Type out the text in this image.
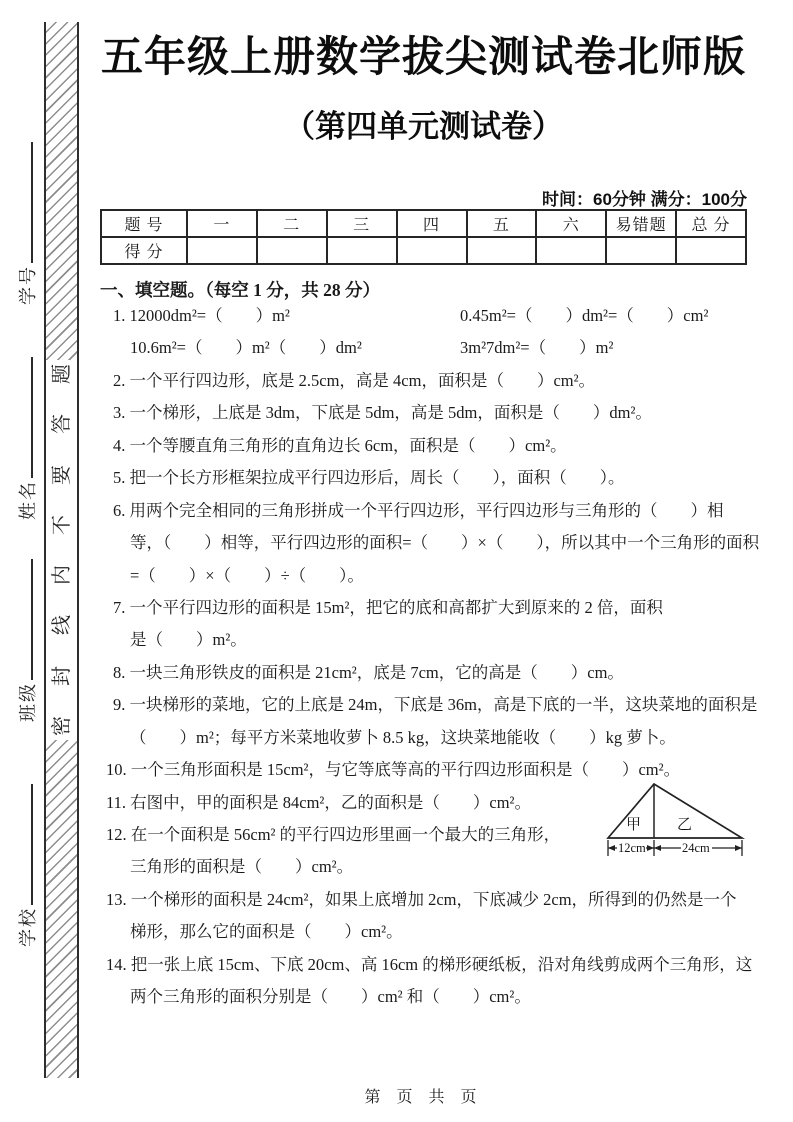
题
答
要
不
内
线
封
密
学号
姓名
班级
学校
五年级上册数学拔尖测试卷北师版
（第四单元测试卷）
时间：60分钟 满分：100分
题 号	一	二	三	四	五	六	易错题	总 分
得 分								
一、填空题。（每空 1 分，共 28 分）
1. 12000dm²=（　　）m²	0.45m²=（　　）dm²=（　　）cm²
10.6m²=（　　）m²（　　）dm²	3m²7dm²=（　　）m²
2. 一个平行四边形，底是 2.5cm，高是 4cm，面积是（　　）cm²。
3. 一个梯形，上底是 3dm，下底是 5dm，高是 5dm，面积是（　　）dm²。
4. 一个等腰直角三角形的直角边长 6cm，面积是（　　）cm²。
5. 把一个长方形框架拉成平行四边形后，周长（　　），面积（　　）。
6. 用两个完全相同的三角形拼成一个平行四边形，平行四边形与三角形的（　　）相
等，（　　）相等，平行四边形的面积=（　　）×（　　），所以其中一个三角形的面积
=（　　）×（　　）÷（　　）。
7. 一个平行四边形的面积是 15m²，把它的底和高都扩大到原来的 2 倍，面积
是（　　）m²。
8. 一块三角形铁皮的面积是 21cm²，底是 7cm，它的高是（　　）cm。
9. 一块梯形的菜地，它的上底是 24m，下底是 36m，高是下底的一半，这块菜地的面积是
（　　）m²；每平方米菜地收萝卜 8.5 kg，这块菜地能收（　　）kg 萝卜。
10. 一个三角形面积是 15cm²，与它等底等高的平行四边形面积是（　　）cm²。
11. 右图中，甲的面积是 84cm²，乙的面积是（　　）cm²。
12. 在一个面积是 56cm² 的平行四边形里画一个最大的三角形，
三角形的面积是（　　）cm²。
13. 一个梯形的面积是 24cm²，如果上底增加 2cm，下底减少 2cm，所得到的仍然是一个
梯形，那么它的面积是（　　）cm²。
14. 把一张上底 15cm、下底 20cm、高 16cm 的梯形硬纸板，沿对角线剪成两个三角形，这
两个三角形的面积分别是（　　）cm² 和（　　）cm²。
甲 乙
12cm	24cm
第 页 共 页
